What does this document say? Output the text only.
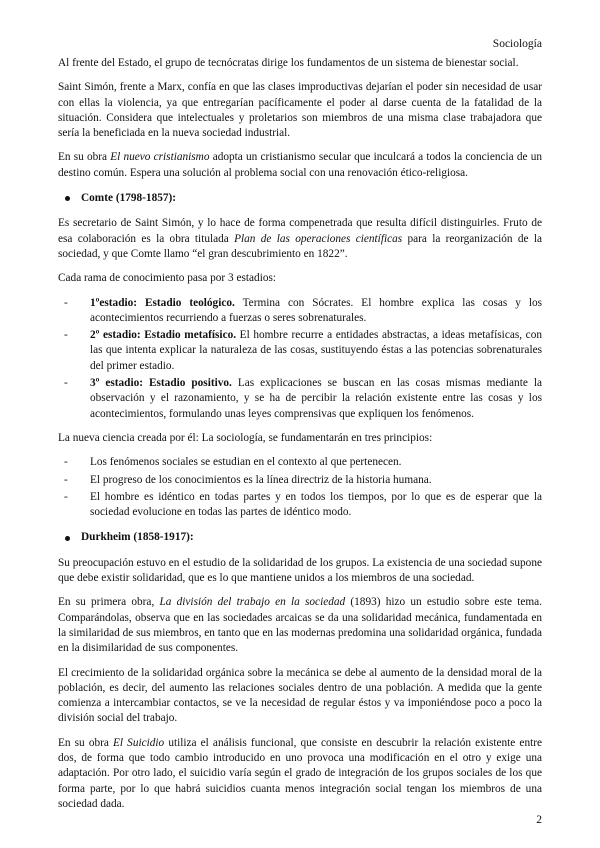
Sociología

Al frente del Estado, el grupo de tecnócratas dirige los fundamentos de un sistema de bienestar social.

Saint Simón, frente a Marx, confía en que las clases improductivas dejarían el poder sin necesidad de usar con ellas la violencia, ya que entregarían pacíficamente el poder al darse cuenta de la fatalidad de la situación. Considera que intelectuales y proletarios son miembros de una misma clase trabajadora que sería la beneficiada en la nueva sociedad industrial.

En su obra El nuevo cristianismo adopta un cristianismo secular que inculcará a todos la conciencia de un destino común. Espera una solución al problema social con una renovación ético-religiosa.

Comte (1798-1857):

Es secretario de Saint Simón, y lo hace de forma compenetrada que resulta difícil distinguirles. Fruto de esa colaboración es la obra titulada Plan de las operaciones científicas para la reorganización de la sociedad, y que Comte llamo “el gran descubrimiento en 1822”.

Cada rama de conocimiento pasa por 3 estadios:

- 1ºestadio: Estadio teológico. Termina con Sócrates. El hombre explica las cosas y los acontecimientos recurriendo a fuerzas o seres sobrenaturales.
- 2º estadio: Estadio metafísico. El hombre recurre a entidades abstractas, a ideas metafísicas, con las que intenta explicar la naturaleza de las cosas, sustituyendo éstas a las potencias sobrenaturales del primer estadio.
- 3º estadio: Estadio positivo. Las explicaciones se buscan en las cosas mismas mediante la observación y el razonamiento, y se ha de percibir la relación existente entre las cosas y los acontecimientos, formulando unas leyes comprensivas que expliquen los fenómenos.

La nueva ciencia creada por él: La sociología, se fundamentarán en tres principios:

- Los fenómenos sociales se estudian en el contexto al que pertenecen.
- El progreso de los conocimientos es la línea directriz de la historia humana.
- El hombre es idéntico en todas partes y en todos los tiempos, por lo que es de esperar que la sociedad evolucione en todas las partes de idéntico modo.
Durkheim (1858-1917):

Su preocupación estuvo en el estudio de la solidaridad de los grupos. La existencia de una sociedad supone que debe existir solidaridad, que es lo que mantiene unidos a los miembros de una sociedad.

En su primera obra, La división del trabajo en la sociedad (1893) hizo un estudio sobre este tema. Comparándolas, observa que en las sociedades arcaicas se da una solidaridad mecánica, fundamentada en la similaridad de sus miembros, en tanto que en las modernas predomina una solidaridad orgánica, fundada en la disimilaridad de sus componentes.

El crecimiento de la solidaridad orgánica sobre la mecánica se debe al aumento de la densidad moral de la población, es decir, del aumento las relaciones sociales dentro de una población. A medida que la gente comienza a intercambiar contactos, se ve la necesidad de regular éstos y va imponiéndose poco a poco la división social del trabajo.

En su obra El Suicidio utiliza el análisis funcional, que consiste en descubrir la relación existente entre dos, de forma que todo cambio introducido en uno provoca una modificación en el otro y exige una adaptación. Por otro lado, el suicidio varía según el grado de integración de los grupos sociales de los que forma parte, por lo que habrá suicidios cuanta menos integración social tengan los miembros de una sociedad dada.

2
